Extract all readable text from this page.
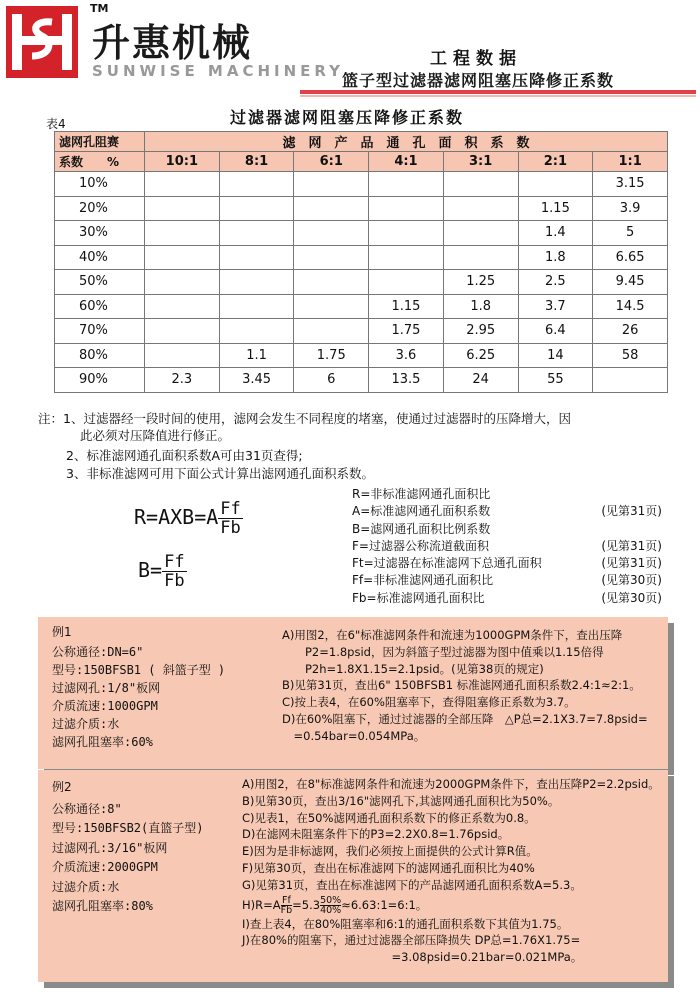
TM
升惠机械
SUNWISE MACHINERY
工程数据
篮子型过滤器滤网阻塞压降修正系数
表4	过滤器滤网阻塞压降修正系数
滤网孔阻赛	滤　网　产　品　通　孔　面　积　系　数						
系数　　%	10:1	8:1	6:1	4:1	3:1	2:1	1:1
10%							3.15
20%						1.15	3.9
30%						1.4	5
40%						1.8	6.65
50%					1.25	2.5	9.45
60%				1.15	1.8	3.7	14.5
70%				1.75	2.95	6.4	26
80%		1.1	1.75	3.6	6.25	14	58
90%	2.3	3.45	6	13.5	24	55	
注：1、过滤器经一段时间的使用，滤网会发生不同程度的堵塞，使通过过滤器时的压降增大，因
此必须对压降值进行修正。
2、标准滤网通孔面积系数A可由31页查得;
3、非标准滤网可用下面公式计算出滤网通孔面积系数。
$R=AXB=A \frac{Ff}{Fb}$
$B= \frac{Ff}{Fb}$
R=非标准滤网通孔面积比
A=标准滤网通孔面积系数	(见第31页)
B=滤网通孔面积比例系数
F=过滤器公称流道截面积	(见第31页)
Ft=过滤器在标准滤网下总通孔面积	(见第31页)
Ff=非标准滤网通孔面积比	(见第30页)
Fb=标准滤网通孔面积比	(见第30页)
例1
公称通径:DN=6"
型号:150BFSB1 ( 斜篮子型 )
过滤网孔:1/8"板网
介质流速:1000GPM
过滤介质:水
滤网孔阻塞率:60%
A)用图2，在6"标准滤网条件和流速为1000GPM条件下，查出压降
　　P2=1.8psid，因为斜篮子型过滤器为图中值乘以1.15倍得
　　P2h=1.8X1.15=2.1psid。(见第38页的规定)
B)见第31页，查出6" 150BFSB1 标准滤网通孔面积系数2.4:1≈2:1。
C)按上表4，在60%阻塞率下，查得阻塞修正系数为3.7。
D)在60%阻塞下，通过过滤器的全部压降　△P总=2.1X3.7=7.8psid=
　=0.54bar=0.054MPa。
例2
公称通径:8"
型号:150BFSB2(直篮子型)
过滤网孔:3/16"板网
介质流速:2000GPM
过滤介质:水
滤网孔阻塞率:80%
A)用图2，在8"标准滤网条件和流速为2000GPM条件下，查出压降P2=2.2psid。
B)见第30页，查出3/16"滤网孔下,其滤网通孔面积比为50%。
C)见表1，在50%滤网通孔面积系数下的修正系数为0.8。
D)在滤网未阻塞条件下的P3=2.2X0.8=1.76psid。
E)因为是非标滤网，我们必须按上面提供的公式计算R值。
F)见第30页，查出在标准滤网下的滤网通孔面积比为40%
G)见第31页，查出在标准滤网下的产品滤网通孔面积系数A=5.3。
$H)R=A \frac{Ff}{Fb} =5.3 \frac{50\%}{40\%}$ ≈6.63:1=6:1。
I)查上表4，在80%阻塞率和6:1的通孔面积系数下其值为1.75。
J)在80%的阻塞下，通过过滤器全部压降损失 DP总=1.76X1.75=
　　　　　　　　　　　　　=3.08psid=0.21bar=0.021MPa。
